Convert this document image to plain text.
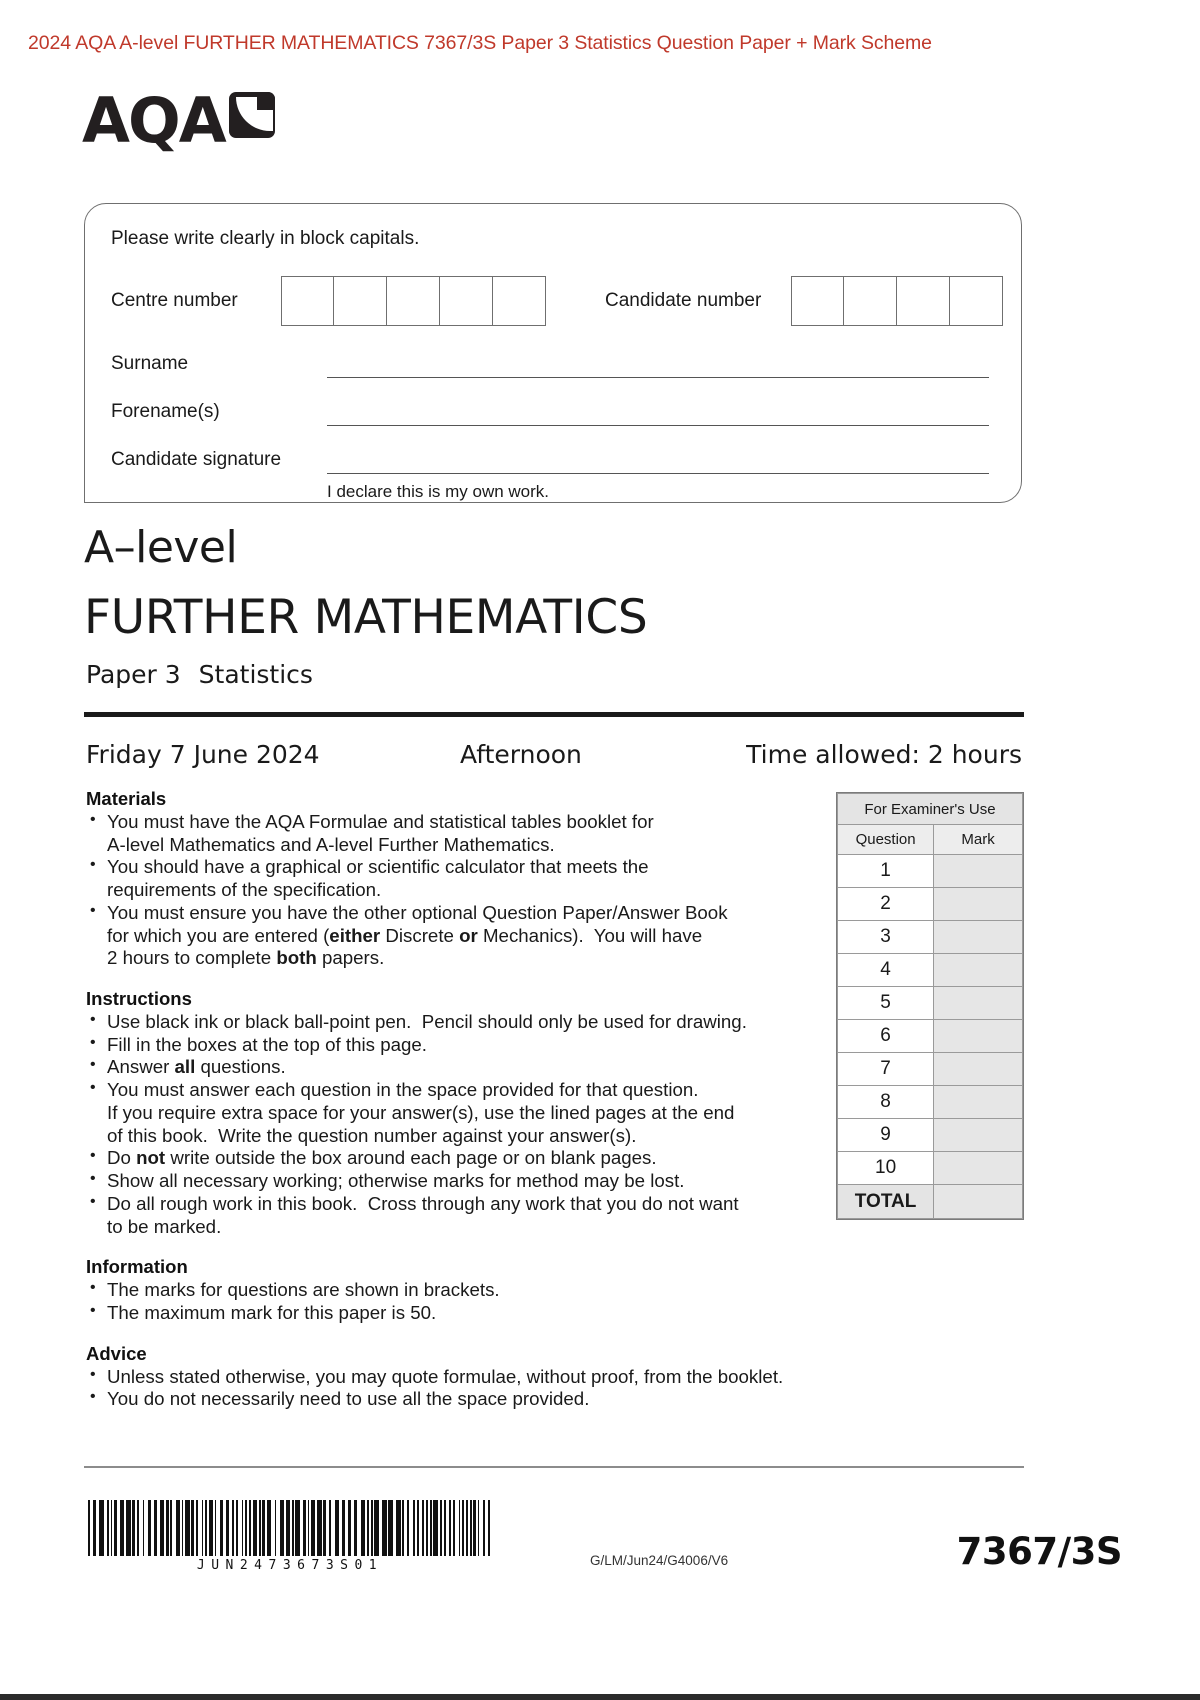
2024 AQA A-level FURTHER MATHEMATICS 7367/3S Paper 3 Statistics Question Paper + Mark Scheme
AQA
Please write clearly in block capitals.
Centre number	Candidate number
Surname
Forename(s)
Candidate signature
I declare this is my own work.
A–level
FURTHER MATHEMATICS
Paper 3 Statistics
Friday 7 June 2024	Afternoon	Time allowed: 2 hours
Materials
• You must have the AQA Formulae and statistical tables booklet for
A-level Mathematics and A-level Further Mathematics.
• You should have a graphical or scientific calculator that meets the
requirements of the specification.
• You must ensure you have the other optional Question Paper/Answer Book
for which you are entered (either Discrete or Mechanics).  You will have
2 hours to complete both papers.
Instructions
• Use black ink or black ball-point pen.  Pencil should only be used for drawing.
• Fill in the boxes at the top of this page.
• Answer all questions.
• You must answer each question in the space provided for that question.
If you require extra space for your answer(s), use the lined pages at the end
of this book.  Write the question number against your answer(s).
• Do not write outside the box around each page or on blank pages.
• Show all necessary working; otherwise marks for method may be lost.
• Do all rough work in this book.  Cross through any work that you do not want
to be marked.
Information
• The marks for questions are shown in brackets.
• The maximum mark for this paper is 50.
Advice
• Unless stated otherwise, you may quote formulae, without proof, from the booklet.
• You do not necessarily need to use all the space provided.
For Examiner's Use	
Question	Mark
1	
2	
3	
4	
5	
6	
7	
8	
9	
10	
TOTAL	
JUN2473673S01	G/LM/Jun24/G4006/V6	7367/3S
